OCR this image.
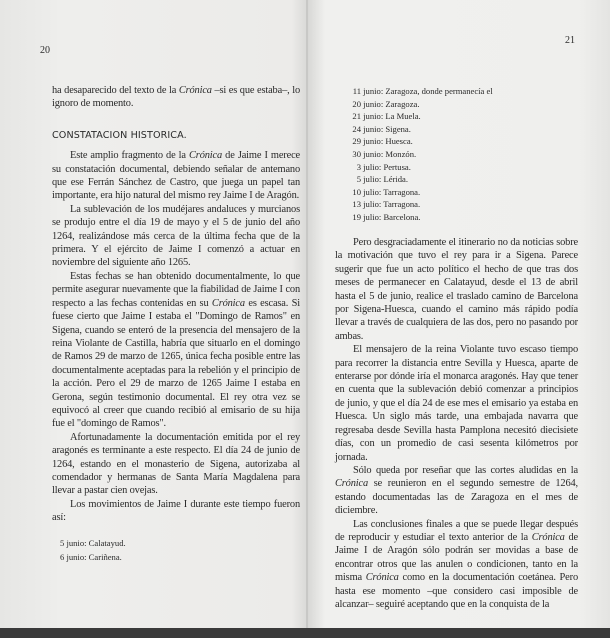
20

ha desaparecido del texto de la Crónica –si es que estaba–, lo ignoro de momento.

CONSTATACION HISTORICA.

Este amplio fragmento de la Crónica de Jaime I merece su constatación documental, debiendo señalar de antemano que ese Ferrán Sánchez de Castro, que juega un papel tan importante, era hijo natural del mismo rey Jaime I de Aragón.

La sublevación de los mudéjares andaluces y murcianos se produjo entre el día 19 de mayo y el 5 de junio del año 1264, realizándose más cerca de la última fecha que de la primera. Y el ejército de Jaime I comenzó a actuar en noviembre del siguiente año 1265.

Estas fechas se han obtenido documentalmente, lo que permite asegurar nuevamente que la fiabilidad de Jaime I con respecto a las fechas contenidas en su Crónica es escasa. Si fuese cierto que Jaime I estaba el "Domingo de Ramos" en Sigena, cuando se enteró de la presencia del mensajero de la reina Violante de Castilla, habría que situarlo en el domingo de Ramos 29 de marzo de 1265, única fecha posible entre las documentalmente aceptadas para la rebelión y el principio de la acción. Pero el 29 de marzo de 1265 Jaime I estaba en Gerona, según testimonio documental. El rey otra vez se equivocó al creer que cuando recibió al emisario de su hija fue el "domingo de Ramos".

Afortunadamente la documentación emitida por el rey aragonés es terminante a este respecto. El día 24 de junio de 1264, estando en el monasterio de Sigena, autorizaba al comendador y hermanas de Santa María Magdalena para llevar a pastar cien ovejas.

Los movimientos de Jaime I durante este tiempo fueron así:

5 junio: Calatayud.
6 junio: Cariñena.
21
11 junio: Zaragoza, donde permanecía el
20 junio: Zaragoza.
21 junio: La Muela.
24 junio: Sigena.
29 junio: Huesca.
30 junio: Monzón.
3 julio: Pertusa.
5 julio: Lérida.
10 julio: Tarragona.
13 julio: Tarragona.
19 julio: Barcelona.

Pero desgraciadamente el itinerario no da noticias sobre la motivación que tuvo el rey para ir a Sigena. Parece sugerir que fue un acto político el hecho de que tras dos meses de permanecer en Calatayud, desde el 13 de abril hasta el 5 de junio, realice el traslado camino de Barcelona por Sigena-Huesca, cuando el camino más rápido podía llevar a través de cualquiera de las dos, pero no pasando por ambas.

El mensajero de la reina Violante tuvo escaso tiempo para recorrer la distancia entre Sevilla y Huesca, aparte de enterarse por dónde iría el monarca aragonés. Hay que tener en cuenta que la sublevación debió comenzar a principios de junio, y que el día 24 de ese mes el emisario ya estaba en Huesca. Un siglo más tarde, una embajada navarra que regresaba desde Sevilla hasta Pamplona necesitó diecisiete días, con un promedio de casi sesenta kilómetros por jornada.

Sólo queda por reseñar que las cortes aludidas en la Crónica se reunieron en el segundo semestre de 1264, estando documentadas las de Zaragoza en el mes de diciembre.

Las conclusiones finales a que se puede llegar después de reproducir y estudiar el texto anterior de la Crónica de Jaime I de Aragón sólo podrán ser movidas a base de encontrar otros que las anulen o condicionen, tanto en la misma Crónica como en la documentación coetánea. Pero hasta ese momento –que considero casi imposible de alcanzar– seguiré aceptando que en la conquista de la
